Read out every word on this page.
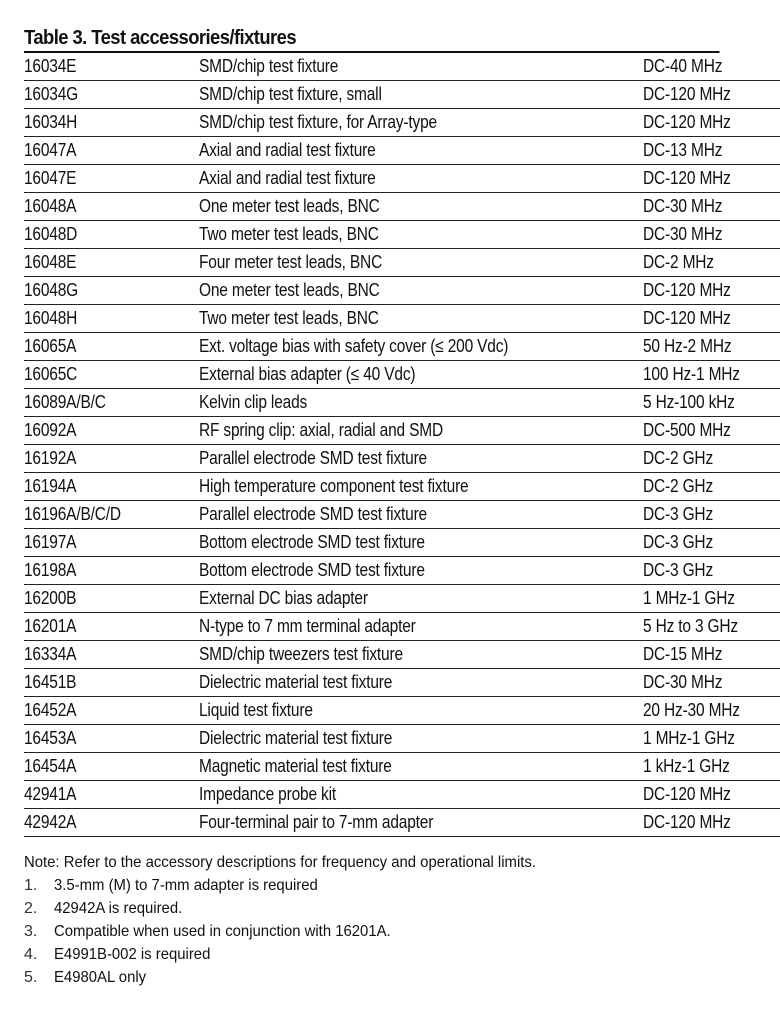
Table 3. Test accessories/fixtures
16034E	SMD/chip test fixture	DC-40 MHz
16034G	SMD/chip test fixture, small	DC-120 MHz
16034H	SMD/chip test fixture, for Array-type	DC-120 MHz
16047A	Axial and radial test fixture	DC-13 MHz
16047E	Axial and radial test fixture	DC-120 MHz
16048A	One meter test leads, BNC	DC-30 MHz
16048D	Two meter test leads, BNC	DC-30 MHz
16048E	Four meter test leads, BNC	DC-2 MHz
16048G	One meter test leads, BNC	DC-120 MHz
16048H	Two meter test leads, BNC	DC-120 MHz
16065A	Ext. voltage bias with safety cover (≤ 200 Vdc)	50 Hz-2 MHz
16065C	External bias adapter (≤ 40 Vdc)	100 Hz-1 MHz
16089A/B/C	Kelvin clip leads	5 Hz-100 kHz
16092A	RF spring clip: axial, radial and SMD	DC-500 MHz
16192A	Parallel electrode SMD test fixture	DC-2 GHz
16194A	High temperature component test fixture	DC-2 GHz
16196A/B/C/D	Parallel electrode SMD test fixture	DC-3 GHz
16197A	Bottom electrode SMD test fixture	DC-3 GHz
16198A	Bottom electrode SMD test fixture	DC-3 GHz
16200B	External DC bias adapter	1 MHz-1 GHz
16201A	N-type to 7 mm terminal adapter	5 Hz to 3 GHz
16334A	SMD/chip tweezers test fixture	DC-15 MHz
16451B	Dielectric material test fixture	DC-30 MHz
16452A	Liquid test fixture	20 Hz-30 MHz
16453A	Dielectric material test fixture	1 MHz-1 GHz
16454A	Magnetic material test fixture	1 kHz-1 GHz
42941A	Impedance probe kit	DC-120 MHz
42942A	Four-terminal pair to 7-mm adapter	DC-120 MHz
Note: Refer to the accessory descriptions for frequency and operational limits.
1. 3.5-mm (M) to 7-mm adapter is required
2. 42942A is required.
3. Compatible when used in conjunction with 16201A.
4. E4991B-002 is required
5. E4980AL only
